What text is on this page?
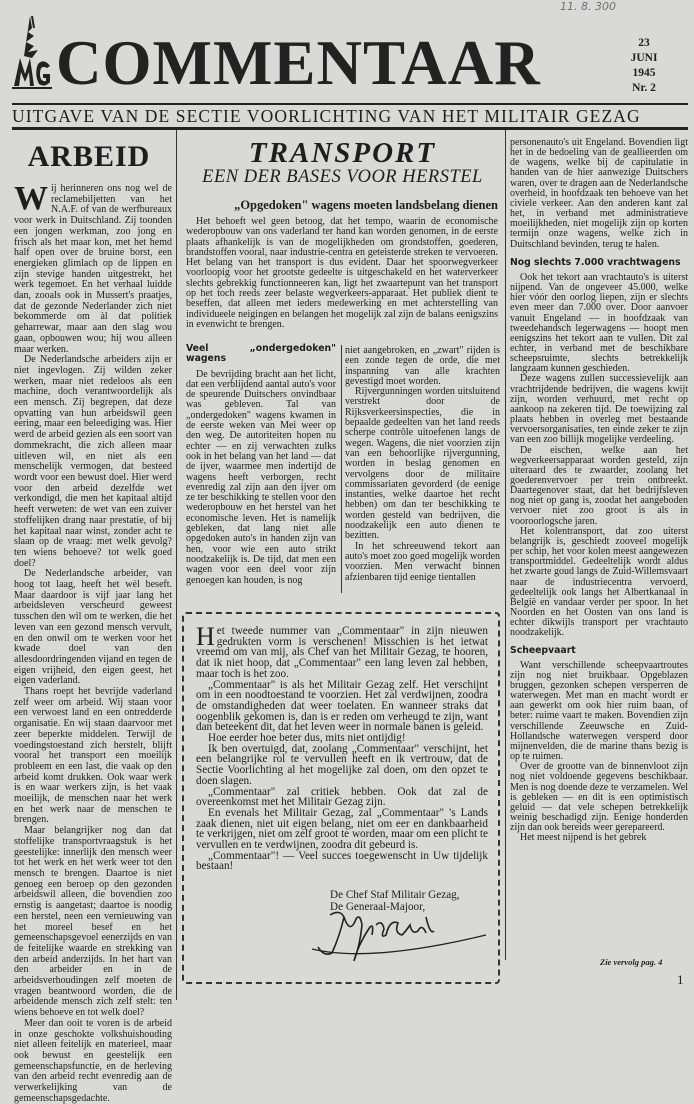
11. 8. 300
COMMENTAAR	23
JUNI
1945
Nr. 2
UITGAVE VAN DE SECTIE VOORLICHTING VAN HET MILITAIR GEZAG
ARBEID

Wij herinneren ons nog wel de reclamebiljetten van het N.A.F. of van de werfbureaux voor werk in Duitschland. Zij toonden een jongen werkman, zoo jong en frisch als het maar kon, met het hemd half open over de bruine borst, een energieken glimlach op de lippen en zijn stevige handen uitgestrekt, het werk tegemoet. En het verhaal luidde dan, zooals ook in Mussert's praatjes, dat de gezonde Nederlander zich niet bekommerde om àl dat politiek geharrewar, maar aan den slag wou gaan, opbouwen wou; hij wou alleen maar werken.

De Nederlandsche arbeiders zijn er niet ingevlogen. Zij wilden zeker werken, maar niet redeloos als een machine, doch verantwoordelijk als een mensch. Zij begrepen, dat deze opvatting van hun arbeidswil geen eering, maar een beleediging was. Hier werd de arbeid gezien als een soort van dommekracht, die zich alleen maar uitleven wil, en niet als een menschelijk vermogen, dat besteed wordt voor een bewust doel. Hier werd voor den arbeid dezelfde wet verkondigd, die men het kapitaal altijd heeft verweten: de wet van een zuiver stoffelijken drang naar prestatie, of bij het kapitaal naar winst, zonder acht te slaan op de vraag: met welk gevolg? ten wiens behoeve? tot welk goed doel?

De Nederlandsche arbeider, van hoog tot laag, heeft het wèl beseft. Maar daardoor is vijf jaar lang het arbeidsleven verscheurd geweest tusschen den wil om te werken, die het leven van een gezond mensch vervult, en den onwil om te werken voor het kwade doel van den allesdoordringenden vijand en tegen de eigen vrijheid, den eigen geest, het eigen vaderland.

Thans roept het bevrijde vaderland zelf weer om arbeid. Wij staan voor een verwoest land en een ontredderde organisatie. En wij staan daarvoor met zeer beperkte middelen. Terwijl de voedingstoestand zich herstelt, blijft vooral het transport een moeilijk probleem en een last, die vaak op den arbeid komt drukken. Ook waar werk is en waar werkers zijn, is het vaak moeilijk, de menschen naar het werk en het werk naar de menschen te brengen.

Maar belangrijker nog dan dat stoffelijke transportvraagstuk is het geestelijke: innerlijk den mensch weer tot het werk en het werk weer tot den mensch te brengen. Daartoe is niet genoeg een beroep op den gezonden arbeidswil alleen, die bovendien zoo ernstig is aangetast; daartoe is noodig een herstel, neen een vernieuwing van het moreel besef en het gemeenschapsgevoel eenerzijds en van de feitelijke waarde en strekking van den arbeid anderzijds. In het hart van den arbeider en in de arbeidsverhoudingen zelf moeten de vragen beantwoord worden, die de arbeidende mensch zich zelf stelt: ten wiens behoeve en tot welk doel?

Meer dan ooit te voren is de arbeid in onze geschokte volkshuishouding niet alleen feitelijk en materieel, maar ook bewust en geestelijk een gemeenschapsfunctie, en de herleving van den arbeid recht evenredig aan de verwerkelijking van de gemeenschapsgedachte.

TRANSPORT
EEN DER BASES VOOR HERSTEL
„Opgedoken" wagens moeten landsbelang dienen

Het behoeft wel geen betoog, dat het tempo, waarin de economische wederopbouw van ons vaderland ter hand kan worden genomen, in de eerste plaats afhankelijk is van de mogelijkheden om grondstoffen, goederen, brandstoffen vooral, naar industrie-centra en geteisterde streken te vervoeren. Het belang van het transport is dus evident. Daar het spoorwegverkeer voorloopig voor het grootste gedeelte is uitgeschakeld en het waterverkeer slechts gebrekkig functionneeren kan, ligt het zwaartepunt van het transport op het toch reeds zeer belaste wegverkeers-apparaat. Het publiek dient te beseffen, dat alleen met ieders medewerking en met achterstelling van individueele neigingen en belangen het mogelijk zal zijn de balans eenigszins in evenwicht te brengen.

Veel „ondergedoken" wagens

De bevrijding bracht aan het licht, dat een verblijdend aantal auto's voor de speurende Duitschers onvindbaar was gebleven. Tal van „ondergedoken" wagens kwamen in de eerste weken van Mei weer op den weg. De autoriteiten hopen nu echter — en zij verwachten zulks ook in het belang van het land — dat de ijver, waarmee men indertijd de wagens heeft verborgen, recht evenredig zal zijn aan den ijver om ze ter beschikking te stellen voor den wederopbouw en het herstel van het economische leven. Het is namelijk gebleken, dat lang niet alle opgedoken auto's in handen zijn van hen, voor wie een auto strikt noodzakelijk is. De tijd, dat men een wagen voor een deel voor zijn genoegen kan houden, is nog

niet aangebroken, en „zwart" rijden is een zonde tegen de orde, die met inspanning van alle krachten gevestigd moet worden.

Rijvergunningen worden uitsluitend verstrekt door de Rijksverkeersinspecties, die in bepaalde gedeelten van het land reeds scherpe contrôle uitoefenen langs de wegen. Wagens, die niet voorzien zijn van een behoorlijke rijvergunning, worden in beslag genomen en vervolgens door de militaire commissariaten gevorderd (de eenige instanties, welke daartoe het recht hebben) om dan ter beschikking te worden gesteld van bedrijven, die noodzakelijk een auto dienen te bezitten.

In het schreeuwend tekort aan auto's moet zoo goed mogelijk worden voorzien. Men verwacht binnen afzienbaren tijd eenige tientallen

personenauto's uit Engeland. Bovendien ligt het in de bedoeling van de geallieerden om de wagens, welke bij de capitulatie in handen van de hier aanwezige Duitschers waren, over te dragen aan de Nederlandsche overheid, in hoofdzaak ten behoeve van het civiele verkeer. Aan den anderen kant zal het, in verband met administratieve moeilijkheden, niet mogelijk zijn op korten termijn onze wagens, welke zich in Duitschland bevinden, terug te halen.

Nog slechts 7.000 vrachtwagens

Ook het tekort aan vrachtauto's is uiterst nijpend. Van de ongeveer 45.000, welke hier vóór den oorlog liepen, zijn er slechts even meer dan 7.000 over. Door aanvoer vanuit Engeland — in hoofdzaak van tweedehandsch legerwagens — hoopt men eenigszins het tekort aan te vullen. Dit zal echter, in verband met de beschikbare scheepsruimte, slechts betrekkelijk langzaam kunnen geschieden.

Deze wagens zullen successievelijk aan vrachtrijdende bedrijven, die wagens kwijt zijn, worden verhuurd, met recht op aankoop na zekeren tijd. De toewijzing zal plaats hebben in overleg met bestaande vervoersorganisaties, ten einde zeker te zijn van een zoo billijk mogelijke verdeeling.

De eischen, welke aan het wegverkeersapparaat worden gesteld, zijn uiteraard des te zwaarder, zoolang het goederenvervoer per trein ontbreekt. Daartegenover staat, dat het bedrijfsleven nog niet op gang is, zoodat het aangeboden vervoer niet zoo groot is als in vooroorlogsche jaren.

Het kolentransport, dat zoo uiterst belangrijk is, geschiedt zooveel mogelijk per schip, het voor kolen meest aangewezen transportmiddel. Gedeeltelijk wordt aldus het zwarte goud langs de Zuid-Willemsvaart naar de industriecentra vervoerd, gedeeltelijk ook langs het Albertkanaal in België en vandaar verder per spoor. In het Noorden en het Oosten van ons land is echter dikwijls transport per vrachtauto noodzakelijk.

Scheepvaart

Want verschillende scheepvaartroutes zijn nog niet bruikbaar. Opgeblazen bruggen, gezonken schepen versperren de waterwegen. Met man en macht wordt er aan gewerkt om ook hier ruim baan, of beter: ruime vaart te maken. Bovendien zijn verschillende Zeeuwsche en Zuid-Hollandsche waterwegen versperd door mijnenvelden, die de marine thans bezig is op te ruimen.

Over de grootte van de binnenvloot zijn nog niet voldoende gegevens beschikbaar. Men is nog doende deze te verzamelen. Wel is gebleken — en dit is een optimistisch geluid — dat vele schepen betrekkelijk weinig beschadigd zijn. Eenige honderden zijn dan ook bereids weer gerepareerd.

Het meest nijpend is het gebrek

Zie vervolg pag. 4
1

Het tweede nummer van „Commentaar" in zijn nieuwen gedrukten vorm is verschenen! Misschien is het ietwat vreemd om van mij, als Chef van het Militair Gezag, te hooren, dat ik niet hoop, dat „Commentaar" een lang leven zal hebben, maar toch is het zoo.

„Commentaar" is als het Militair Gezag zelf. Het verschijnt om in een noodtoestand te voorzien. Het zal verdwijnen, zoodra de omstandigheden dat weer toelaten. En wanneer straks dat oogenblik gekomen is, dan is er reden om verheugd te zijn, want dan beteekent dit, dat het leven weer in normale banen is geleid.

Hoe eerder hoe beter dus, mits niet ontijdig!

Ik ben overtuigd, dat, zoolang „Commentaar" verschijnt, het een belangrijke rol te vervullen heeft en ik vertrouw, dat de Sectie Voorlichting al het mogelijke zal doen, om den opzet te doen slagen.

„Commentaar" zal critiek hebben. Ook dat zal de overeenkomst met het Militair Gezag zijn.

En evenals het Militair Gezag, zal „Commentaar" 's Lands zaak dienen, niet uit eigen belang, niet om eer en dankbaarheid te verkrijgen, niet om zelf groot te worden, maar om een plicht te vervullen en te verdwijnen, zoodra dit gebeurd is.

„Commentaar"! — Veel succes toegewenscht in Uw tijdelijk bestaan!

De Chef Staf Militair Gezag,
De Generaal-Majoor,
